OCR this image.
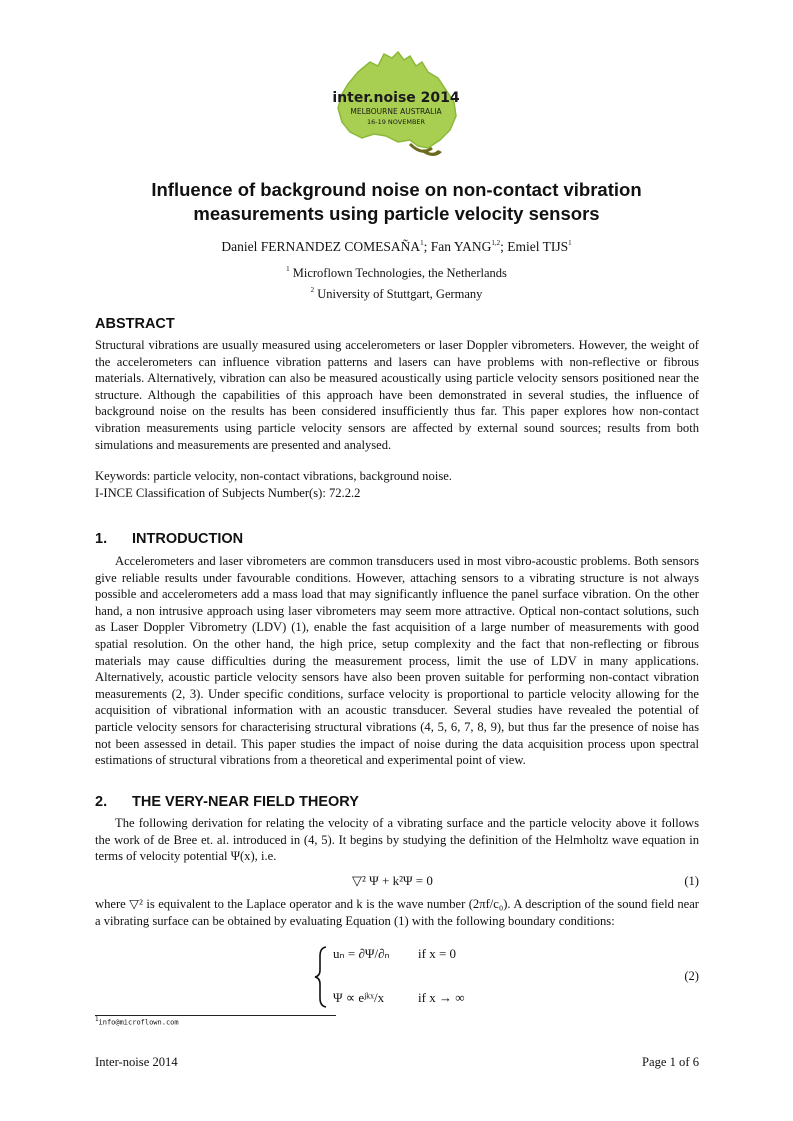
inter.noise 2014
MELBOURNE AUSTRALIA
16-19 NOVEMBER
Influence of background noise on non-contact vibration
measurements using particle velocity sensors
Daniel FERNANDEZ COMESAÑA$^1$; Fan YANG$^{1,2}$; Emiel TIJS$^1$
$^1$ Microflown Technologies, the Netherlands
$^2$ University of Stuttgart, Germany
ABSTRACT
Structural vibrations are usually measured using accelerometers or laser Doppler vibrometers. However, the weight of the accelerometers can influence vibration patterns and lasers can have problems with non-reflective or fibrous materials. Alternatively, vibration can also be measured acoustically using particle velocity sensors positioned near the structure. Although the capabilities of this approach have been demonstrated in several studies, the influence of background noise on the results has been considered insufficiently thus far. This paper explores how non-contact vibration measurements using particle velocity sensors are affected by external sound sources; results from both simulations and measurements are presented and analysed.
Keywords: particle velocity, non-contact vibrations, background noise.
I-INCE Classification of Subjects Number(s): 72.2.2
1. INTRODUCTION
Accelerometers and laser vibrometers are common transducers used in most vibro-acoustic problems. Both sensors give reliable results under favourable conditions. However, attaching sensors to a vibrating structure is not always possible and accelerometers add a mass load that may significantly influence the panel surface vibration. On the other hand, a non intrusive approach using laser vibrometers may seem more attractive. Optical non-contact solutions, such as Laser Doppler Vibrometry (LDV) (1), enable the fast acquisition of a large number of measurements with good spatial resolution. On the other hand, the high price, setup complexity and the fact that non-reflecting or fibrous materials may cause difficulties during the measurement process, limit the use of LDV in many applications. Alternatively, acoustic particle velocity sensors have also been proven suitable for performing non-contact vibration measurements (2, 3). Under specific conditions, surface velocity is proportional to particle velocity allowing for the acquisition of vibrational information with an acoustic transducer. Several studies have revealed the potential of particle velocity sensors for characterising structural vibrations (4, 5, 6, 7, 8, 9), but thus far the presence of noise has not been assessed in detail. This paper studies the impact of noise during the data acquisition process upon spectral estimations of structural vibrations from a theoretical and experimental point of view.
2. THE VERY-NEAR FIELD THEORY
The following derivation for relating the velocity of a vibrating surface and the particle velocity above it follows the work of de Bree et. al. introduced in (4, 5). It begins by studying the definition of the Helmholtz wave equation in terms of velocity potential Ψ(x), i.e.
▽² Ψ + k²Ψ = 0	(1)
where ▽² is equivalent to the Laplace operator and k is the wave number (2πf/c₀). A description of the sound field near a vibrating surface can be obtained by evaluating Equation (1) with the following boundary conditions:
uₙ = ∂Ψ/∂ₙ if x = 0
Ψ ∝ eʲᵏˣ/x	if x → ∞
(2)
$^1$info@microflown.com
Inter-noise 2014	Page 1 of 6
